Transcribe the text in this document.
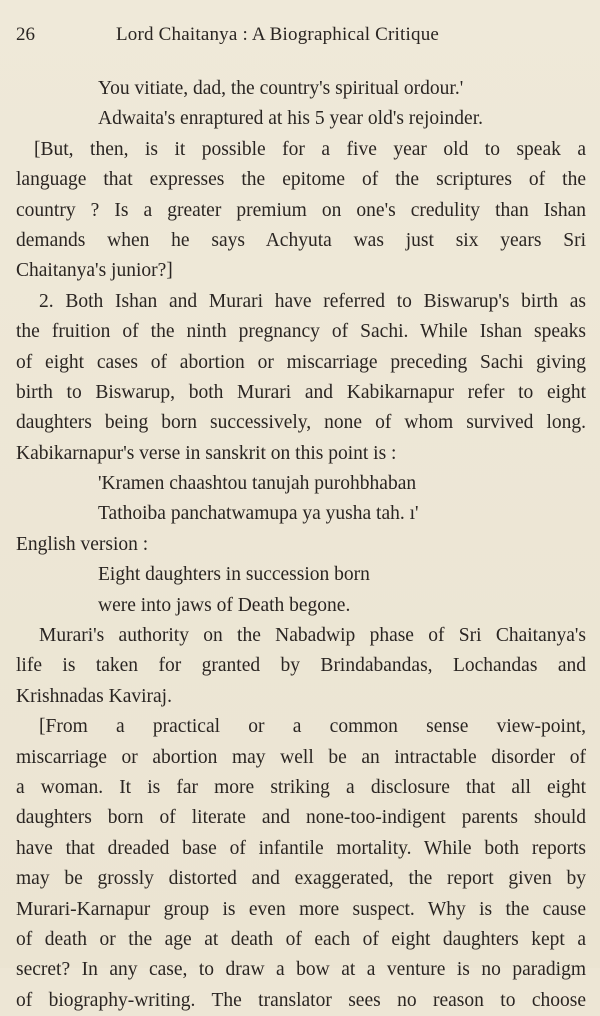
26	Lord Chaitanya : A Biographical Critique
You vitiate, dad, the country's spiritual ordour.'
Adwaita's enraptured at his 5 year old's rejoinder.
[But, then, is it possible for a five year old to speak a
language that expresses the epitome of the scriptures of the
country ? Is a greater premium on one's credulity than Ishan
demands when he says Achyuta was just six years Sri
Chaitanya's junior?]
2. Both Ishan and Murari have referred to Biswarup's birth as
the fruition of the ninth pregnancy of Sachi. While Ishan speaks
of eight cases of abortion or miscarriage preceding Sachi giving
birth to Biswarup, both Murari and Kabikarnapur refer to eight
daughters being born successively, none of whom survived long.
Kabikarnapur's verse in sanskrit on this point is :
'Kramen chaashtou tanujah purohbhaban
Tathoiba panchatwamupa ya yusha tah. ı'
English version :
Eight daughters in succession born
were into jaws of Death begone.
Murari's authority on the Nabadwip phase of Sri Chaitanya's
life is taken for granted by Brindabandas, Lochandas and
Krishnadas Kaviraj.
[From a practical or a common sense view-point,
miscarriage or abortion may well be an intractable disorder of
a woman. It is far more striking a disclosure that all eight
daughters born of literate and none-too-indigent parents should
have that dreaded base of infantile mortality. While both reports
may be grossly distorted and exaggerated, the report given by
Murari-Karnapur group is even more suspect. Why is the cause
of death or the age at death of each of eight daughters kept a
secret? In any case, to draw a bow at a venture is no paradigm
of biography-writing. The translator sees no reason to choose
